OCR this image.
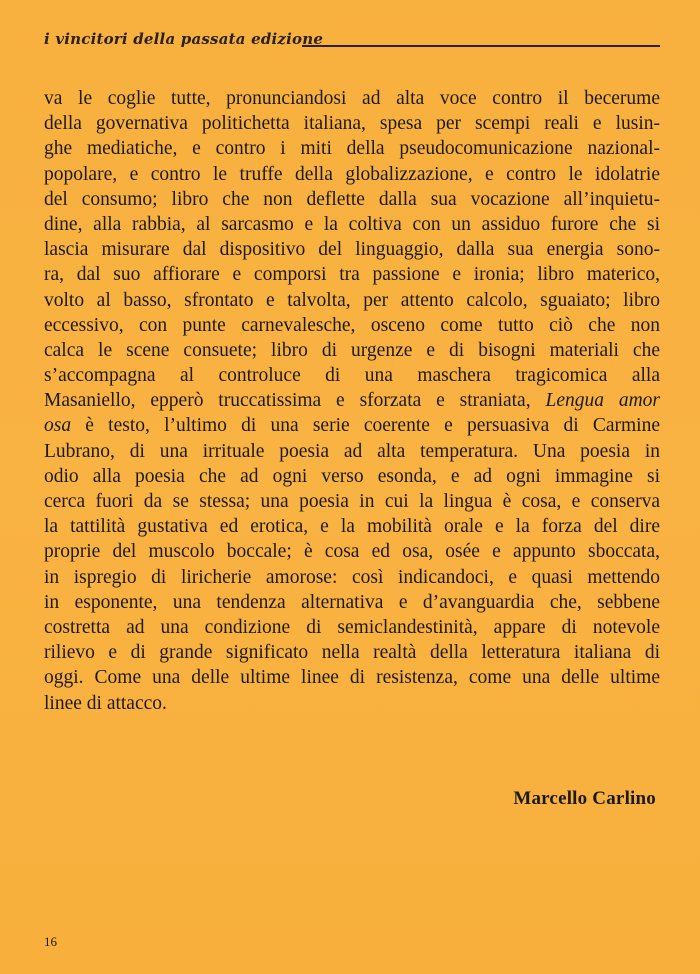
i vincitori della passata edizione
va le coglie tutte, pronunciandosi ad alta voce contro il becerume
della governativa politichetta italiana, spesa per scempi reali e lusin-
ghe mediatiche, e contro i miti della pseudocomunicazione nazional-
popolare, e contro le truffe della globalizzazione, e contro le idolatrie
del consumo; libro che non deflette dalla sua vocazione all’inquietu-
dine, alla rabbia, al sarcasmo e la coltiva con un assiduo furore che si
lascia misurare dal dispositivo del linguaggio, dalla sua energia sono-
ra, dal suo affiorare e comporsi tra passione e ironia; libro materico,
volto al basso, sfrontato e talvolta, per attento calcolo, sguaiato; libro
eccessivo, con punte carnevalesche, osceno come tutto ciò che non
calca le scene consuete; libro di urgenze e di bisogni materiali che
s’accompagna al controluce di una maschera tragicomica alla
Masaniello, epperò truccatissima e sforzata e straniata, Lengua amor
osa è testo, l’ultimo di una serie coerente e persuasiva di Carmine
Lubrano, di una irrituale poesia ad alta temperatura. Una poesia in
odio alla poesia che ad ogni verso esonda, e ad ogni immagine si
cerca fuori da se stessa; una poesia in cui la lingua è cosa, e conserva
la tattilità gustativa ed erotica, e la mobilità orale e la forza del dire
proprie del muscolo boccale; è cosa ed osa, osée e appunto sboccata,
in ispregio di liricherie amorose: così indicandoci, e quasi mettendo
in esponente, una tendenza alternativa e d’avanguardia che, sebbene
costretta ad una condizione di semiclandestinità, appare di notevole
rilievo e di grande significato nella realtà della letteratura italiana di
oggi. Come una delle ultime linee di resistenza, come una delle ultime
linee di attacco.
Marcello Carlino
16
